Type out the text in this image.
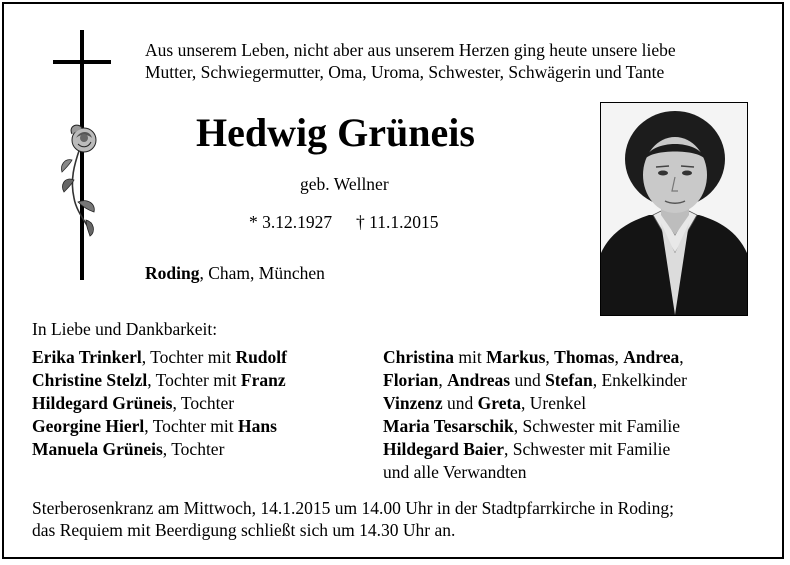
Aus unserem Leben, nicht aber aus unserem Herzen ging heute unsere liebe
Mutter, Schwiegermutter, Oma, Uroma, Schwester, Schwägerin und Tante
Hedwig Grüneis
geb. Wellner
* 3.12.1927 † 11.1.2015
Roding, Cham, München
In Liebe und Dankbarkeit:
Erika Trinkerl, Tochter mit Rudolf
Christine Stelzl, Tochter mit Franz
Hildegard Grüneis, Tochter
Georgine Hierl, Tochter mit Hans
Manuela Grüneis, Tochter
Christina mit Markus, Thomas, Andrea,
Florian, Andreas und Stefan, Enkelkinder
Vinzenz und Greta, Urenkel
Maria Tesarschik, Schwester mit Familie
Hildegard Baier, Schwester mit Familie
und alle Verwandten
Sterberosenkranz am Mittwoch, 14.1.2015 um 14.00 Uhr in der Stadtpfarrkirche in Roding;
das Requiem mit Beerdigung schließt sich um 14.30 Uhr an.
